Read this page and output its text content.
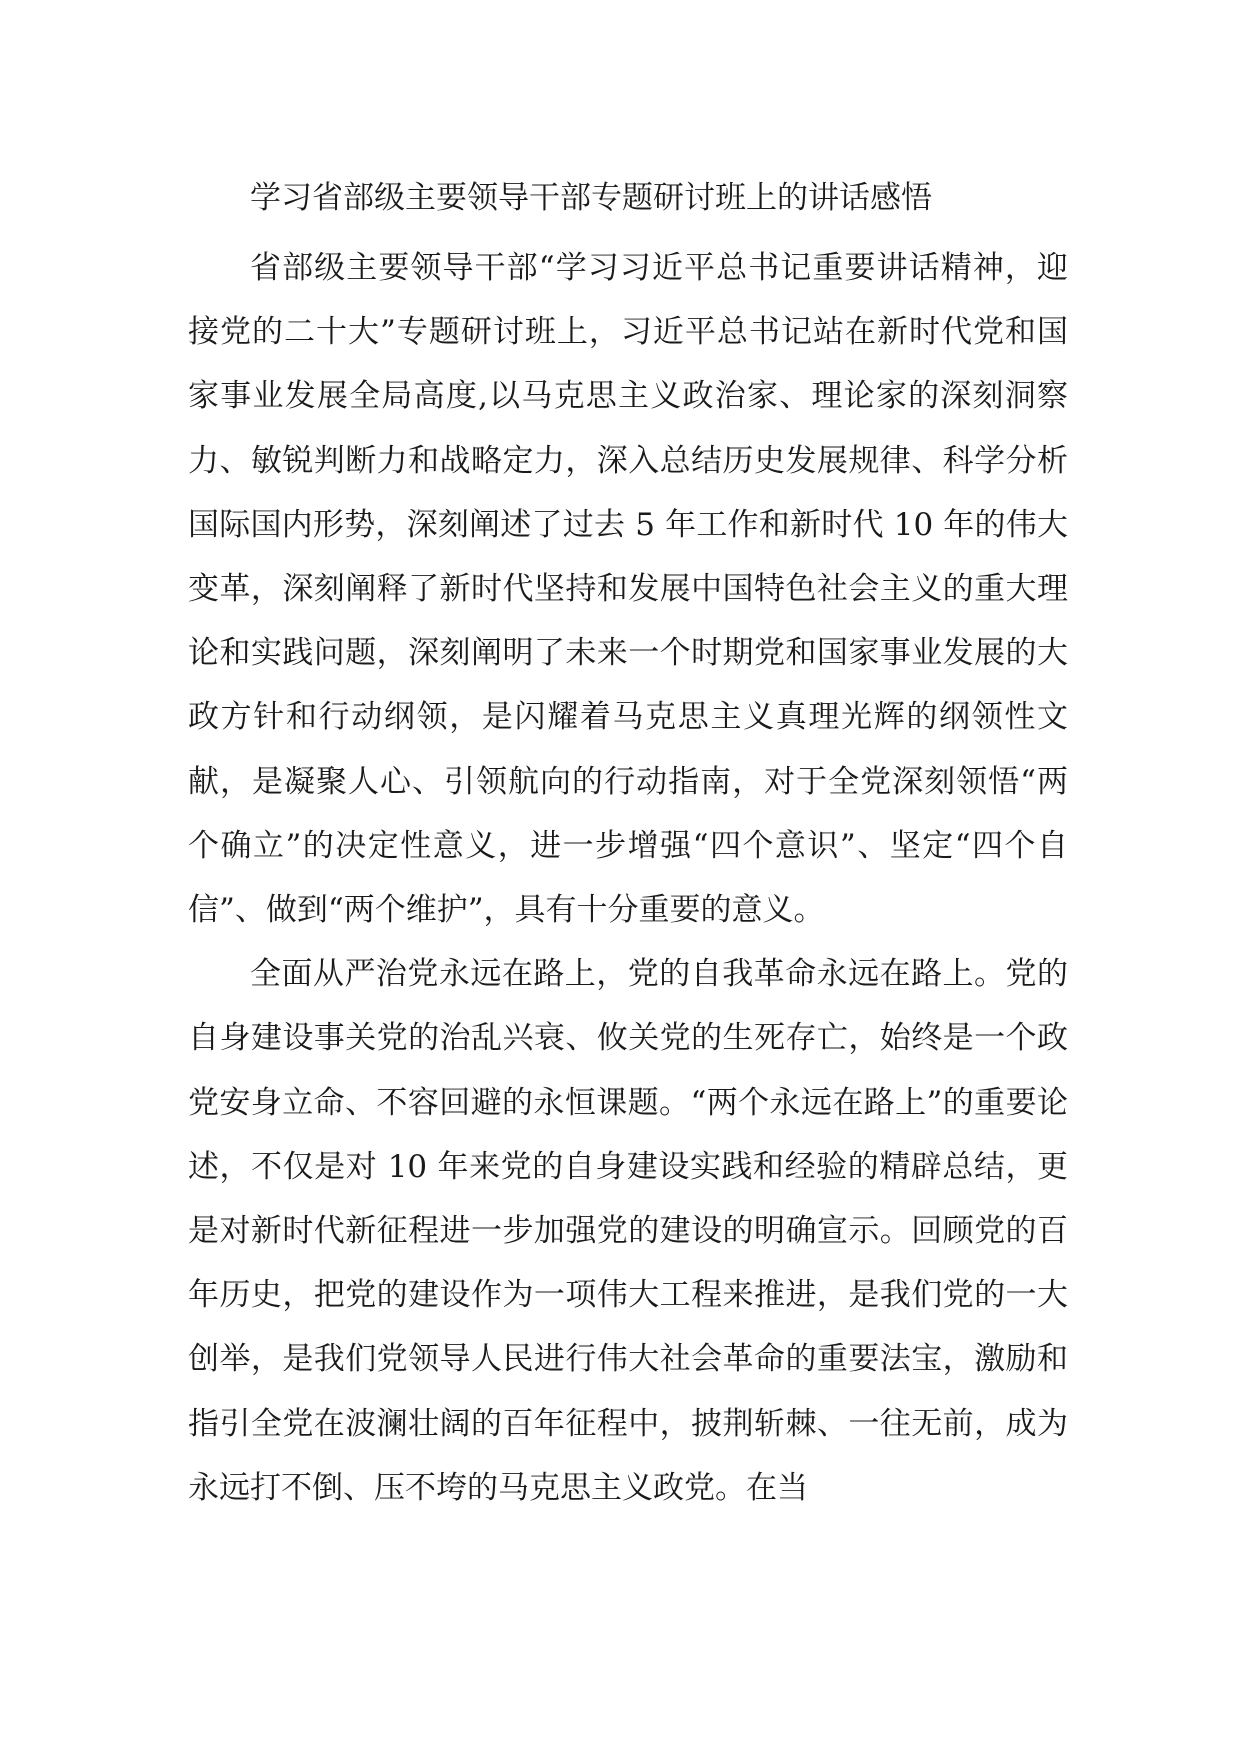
学习省部级主要领导干部专题研讨班上的讲话感悟

省部级主要领导干部“学习习近平总书记重要讲话精神，迎接党的二十大”专题研讨班上，习近平总书记站在新时代党和国家事业发展全局高度,以马克思主义政治家、理论家的深刻洞察力、敏锐判断力和战略定力，深入总结历史发展规律、科学分析国际国内形势，深刻阐述了过去 5 年工作和新时代 10 年的伟大变革，深刻阐释了新时代坚持和发展中国特色社会主义的重大理论和实践问题，深刻阐明了未来一个时期党和国家事业发展的大政方针和行动纲领，是闪耀着马克思主义真理光辉的纲领性文献，是凝聚人心、引领航向的行动指南，对于全党深刻领悟“两个确立”的决定性意义，进一步增强“四个意识”、坚定“四个自信”、做到“两个维护”，具有十分重要的意义。

全面从严治党永远在路上，党的自我革命永远在路上。党的自身建设事关党的治乱兴衰、攸关党的生死存亡，始终是一个政党安身立命、不容回避的永恒课题。“两个永远在路上”的重要论述，不仅是对 10 年来党的自身建设实践和经验的精辟总结，更是对新时代新征程进一步加强党的建设的明确宣示。回顾党的百年历史，把党的建设作为一项伟大工程来推进，是我们党的一大创举，是我们党领导人民进行伟大社会革命的重要法宝，激励和指引全党在波澜壮阔的百年征程中，披荆斩棘、一往无前，成为永远打不倒、压不垮的马克思主义政党。在当
